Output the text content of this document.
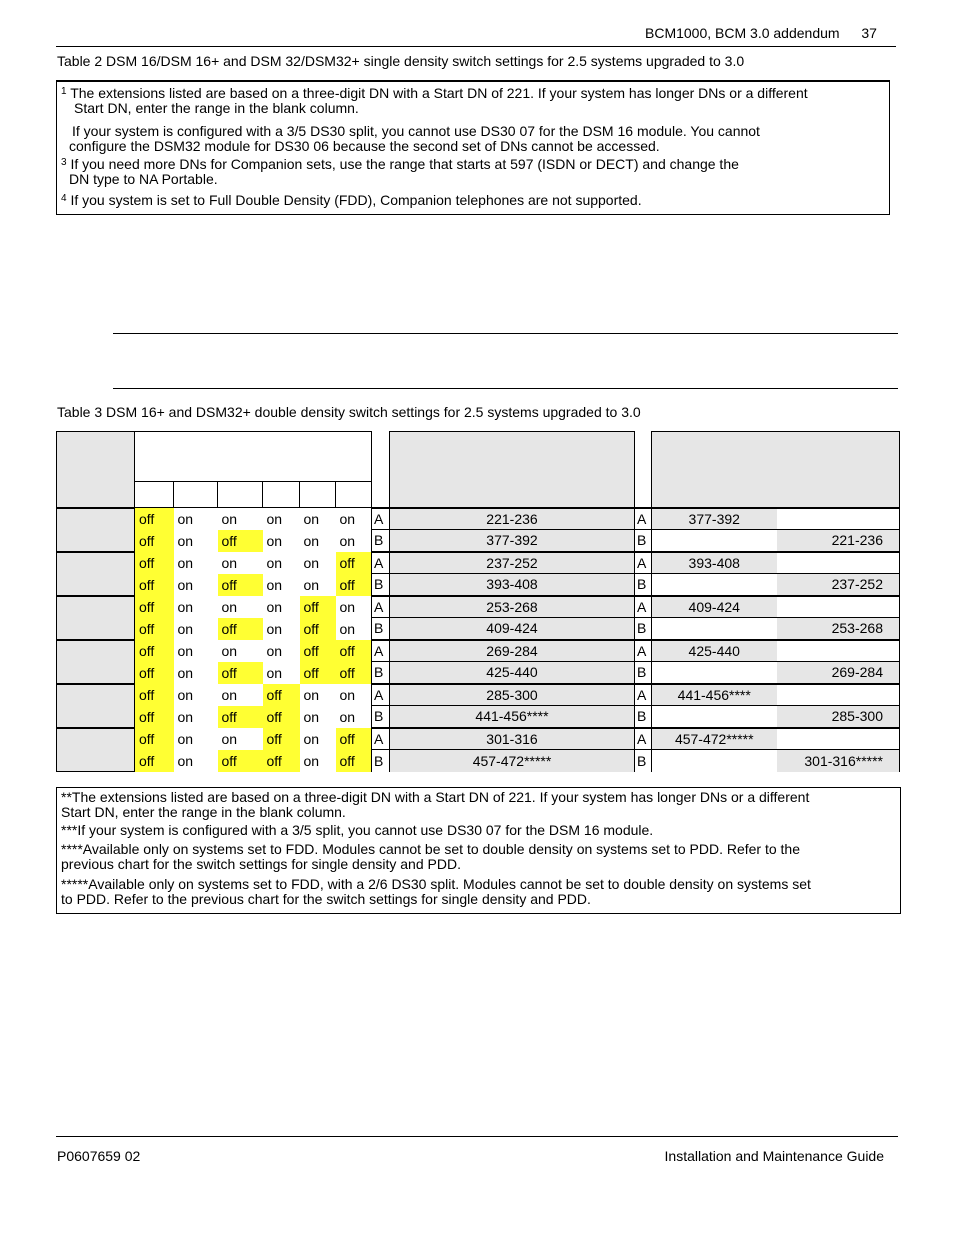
BCM1000, BCM 3.0 addendum 37
Table 2 DSM 16/DSM 16+ and DSM 32/DSM32+ single density switch settings for 2.5 systems upgraded to 3.0
$^1$ The extensions listed are based on a three-digit DN with a Start DN of 221. If your system has longer DNs or a different
Start DN, enter the range in the blank column.
If your system is configured with a 3/5 DS30 split, you cannot use DS30 07 for the DSM 16 module. You cannot
configure the DSM32 module for DS30 06 because the second set of DNs cannot be accessed.
$^3$ If you need more DNs for Companion sets, use the range that starts at 597 (ISDN or DECT) and change the
DN type to NA Portable.
$^4$ If you system is set to Full Double Density (FDD), Companion telephones are not supported.
Table 3 DSM 16+ and DSM32+ double density switch settings for 2.5 systems upgraded to 3.0

	off	on	on	on	on	on	A	221-236	A	377-392	
	off	on	off	on	on	on	B	377-392	B		221-236
	off	on	on	on	on	off	A	237-252	A	393-408	
	off	on	off	on	on	off	B	393-408	B		237-252
	off	on	on	on	off	on	A	253-268	A	409-424	
	off	on	off	on	off	on	B	409-424	B		253-268
	off	on	on	on	off	off	A	269-284	A	425-440	
	off	on	off	on	off	off	B	425-440	B		269-284
	off	on	on	off	on	on	A	285-300	A	441-456****	
	off	on	off	off	on	on	B	441-456****	B		285-300
	off	on	on	off	on	off	A	301-316	A	457-472*****	
	off	on	off	off	on	off	B	457-472*****	B		301-316*****
**The extensions listed are based on a three-digit DN with a Start DN of 221. If your system has longer DNs or a different
Start DN, enter the range in the blank column.
***If your system is configured with a 3/5 split, you cannot use DS30 07 for the DSM 16 module.
****Available only on systems set to FDD. Modules cannot be set to double density on systems set to PDD. Refer to the
previous chart for the switch settings for single density and PDD.
*****Available only on systems set to FDD, with a 2/6 DS30 split. Modules cannot be set to double density on systems set
to PDD. Refer to the previous chart for the switch settings for single density and PDD.
P0607659 02	Installation and Maintenance Guide
